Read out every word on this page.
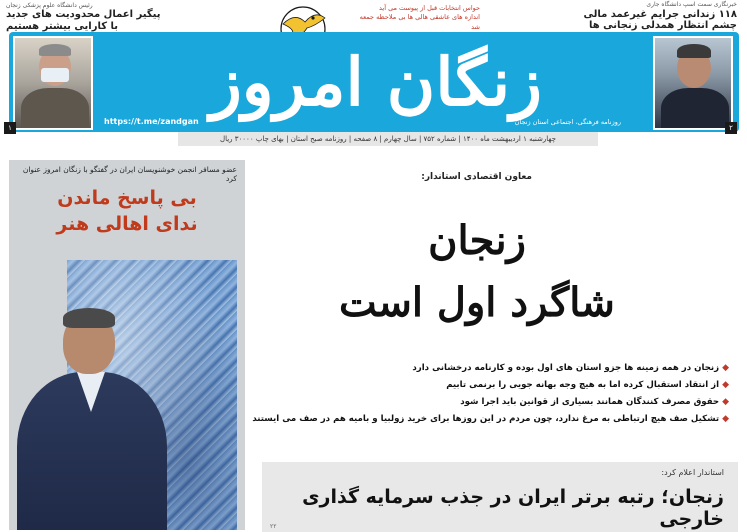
خبرنگاری سمت اسپ دانشگاه جاری
۱۱۸ زندانی جرایم غیرعمد مالی
چشم انتظار همدلی زنجانی ها
حواس انتخابات قبل از پیوست می آید
اندازه های عاشقی هالی ها بی ملاحظه جمعه شد
رئیس دانشگاه علوم پزشکی زنجان
پیگیر اعمال محدودیت های جدید
با کارایی بیشتر هستیم
زنگان امروز
روزنامه فرهنگی، اجتماعی استان زنجان
https://t.me/zandgan
۲
۱
چهارشنبه ۱ اردیبهشت ماه ۱۴۰۰ | شماره ۷۵۲ | سال چهارم | ۸ صفحه | روزنامه صبح استان | بهای چاپ ۳۰۰۰۰ ریال
عضو مسافر انجمن خوشنویسان ایران در گفتگو با زنگان امروز عنوان کرد
بی پاسخ ماندن
ندای اهالی هنر
معاون اقتصادی استاندار:
زنجان
شاگرد اول است
◆زنجان در همه زمینه ها جزو استان های اول بوده و کارنامه درخشانی دارد
◆از انتقاد استقبال کرده اما به هیچ وجه بهانه جویی را برنمی تابیم
◆حقوق مصرف کنندگان همانند بسیاری از قوانین باید اجرا شود
◆تشکیل صف هیچ ارتباطی به مرغ ندارد، چون مردم در این روزها برای خرید زولبیا و بامیه هم در صف می ایستند
استاندار اعلام کرد:
زنجان؛ رتبه برتر ایران در جذب سرمایه گذاری خارجی
۲۲
